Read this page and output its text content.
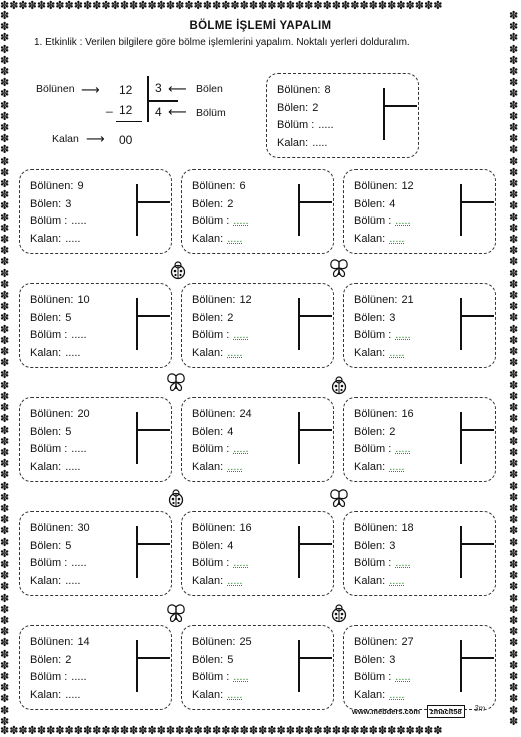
✽✽✽✽✽✽✽✽✽✽✽✽✽✽✽✽✽✽✽✽✽✽✽✽✽✽✽✽✽✽✽✽✽✽✽✽✽✽✽✽✽✽✽✽✽✽✽✽
✽✽✽✽✽✽✽✽✽✽✽✽✽✽✽✽✽✽✽✽✽✽✽✽✽✽✽✽✽✽✽✽✽✽✽✽✽✽✽✽✽✽✽✽✽✽✽✽
✽✽✽✽✽✽✽✽✽✽✽✽✽✽✽✽✽✽✽✽✽✽✽✽✽✽✽✽✽✽✽✽✽✽✽✽✽✽✽✽✽✽✽✽✽✽✽✽✽✽✽✽✽✽✽✽✽✽✽✽✽✽✽✽
✽✽✽✽✽✽✽✽✽✽✽✽✽✽✽✽✽✽✽✽✽✽✽✽✽✽✽✽✽✽✽✽✽✽✽✽✽✽✽✽✽✽✽✽✽✽✽✽✽✽✽✽✽✽✽✽✽✽✽✽✽✽✽✽
BÖLME İŞLEMİ YAPALIM
1. Etkinlik : Verilen bilgilere göre bölme işlemlerini yapalım. Noktalı yerleri dolduralım.
Bölünen ⟶ 12 3 ⟵ Bölen
_ 12 4 ⟵ Bölüm
Kalan ⟶ 00
Bölünen: 8
Bölen: 2
Bölüm : .....
Kalan: .....
Bölünen: 9
Bölen: 3
Bölüm : .....
Kalan: .....
Bölünen: 6
Bölen: 2
Bölüm : .....
Kalan: .....
Bölünen: 12
Bölen: 4
Bölüm : .....
Kalan: .....
Bölünen: 10
Bölen: 5
Bölüm : .....
Kalan: .....
Bölünen: 12
Bölen: 2
Bölüm : .....
Kalan: .....
Bölünen: 21
Bölen: 3
Bölüm : .....
Kalan: .....
Bölünen: 20
Bölen: 5
Bölüm : .....
Kalan: .....
Bölünen: 24
Bölen: 4
Bölüm : .....
Kalan: .....
Bölünen: 16
Bölen: 2
Bölüm : .....
Kalan: .....
Bölünen: 30
Bölen: 5
Bölüm : .....
Kalan: .....
Bölünen: 16
Bölen: 4
Bölüm : .....
Kalan: .....
Bölünen: 18
Bölen: 3
Bölüm : .....
Kalan: .....
Bölünen: 14
Bölen: 2
Bölüm : .....
Kalan: .....
Bölünen: 25
Bölen: 5
Bölüm : .....
Kalan: .....
Bölünen: 27
Bölen: 3
Bölüm : .....
Kalan: .....
www.mebders.com	zmacit58	3m
